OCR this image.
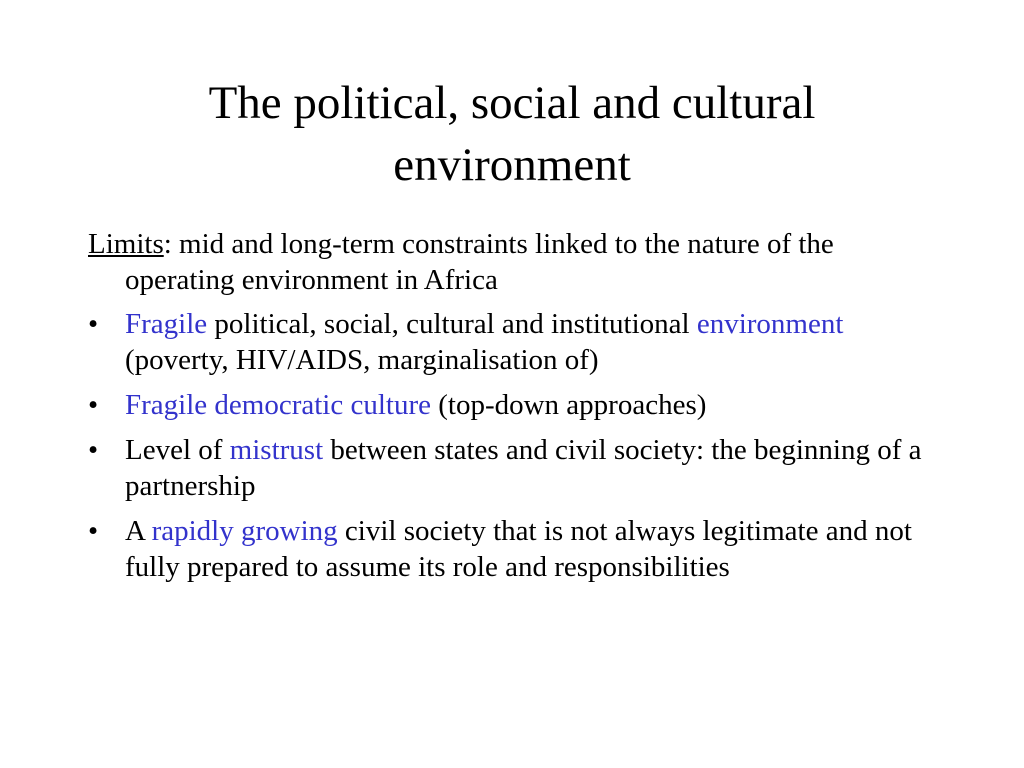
The political, social and cultural
environment

Limits: mid and long-term constraints linked to the nature of the operating environment in Africa

• Fragile political, social, cultural and institutional environment (poverty, HIV/AIDS, marginalisation of)
• Fragile democratic culture (top-down approaches)
• Level of mistrust between states and civil society: the beginning of a partnership
• A rapidly growing civil society that is not always legitimate and not fully prepared to assume its role and responsibilities
